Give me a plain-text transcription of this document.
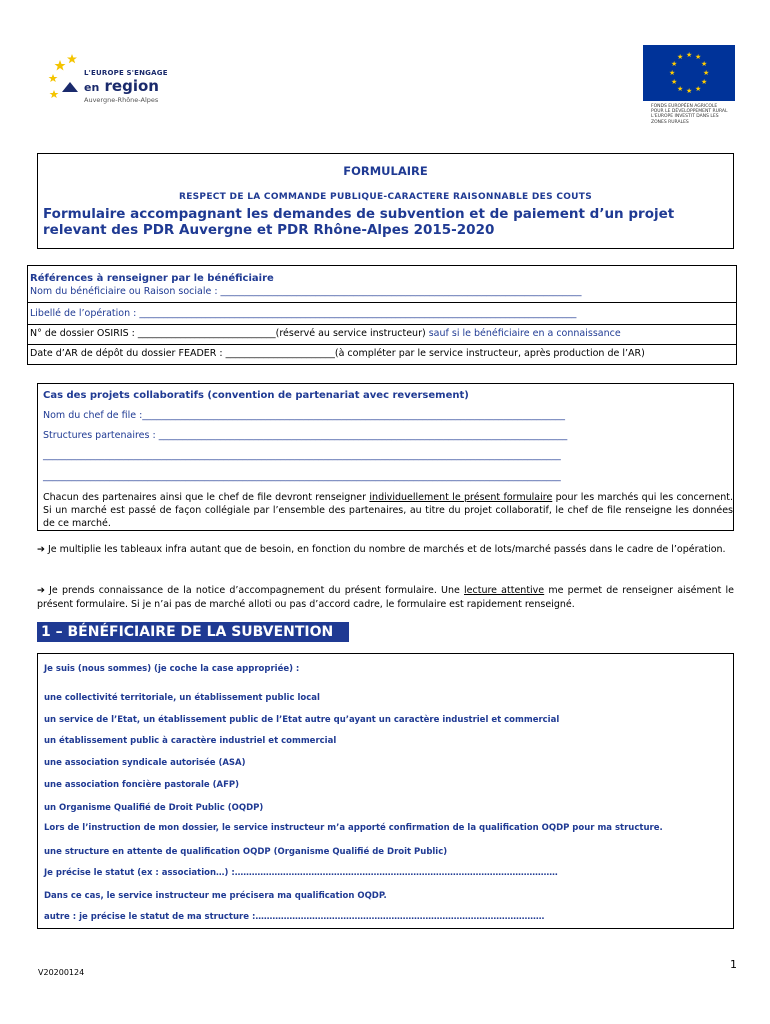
L'EUROPE S'ENGAGE
en region
Auvergne-Rhône-Alpes
★ ★
★
★
★
★
★
★
★
★
★
★
FONDS EUROPÉEN AGRICOLE
POUR LE DÉVELOPPEMENT RURAL
L'EUROPE INVESTIT DANS LES ZONES RURALES
FORMULAIRE
RESPECT DE LA COMMANDE PUBLIQUE-CARACTERE RAISONNABLE DES COUTS
Formulaire accompagnant les demandes de subvention et de paiement d’un projet relevant des PDR Auvergne et PDR Rhône-Alpes 2015-2020
Références à renseigner par le bénéficiaire
Nom du bénéficiaire ou Raison sociale : ____________________________________________________________________________
Libellé de l’opération : ____________________________________________________________________________________________
N° de dossier OSIRIS : _____________________________(réservé au service instructeur) sauf si le bénéficiaire en a connaissance
Date d’AR de dépôt du dossier FEADER : _______________________(à compléter par le service instructeur, après production de l’AR)
Cas des projets collaboratifs (convention de partenariat avec reversement)
Nom du chef de file :_________________________________________________________________________________________
Structures partenaires : ______________________________________________________________________________________
_____________________________________________________________________________________________________________
_____________________________________________________________________________________________________________
Chacun des partenaires ainsi que le chef de file devront renseigner individuellement le présent formulaire pour les marchés qui les concernent. Si un marché est passé de façon collégiale par l’ensemble des partenaires, au titre du projet collaboratif, le chef de file renseigne les données de ce marché.
➔ Je multiplie les tableaux infra autant que de besoin, en fonction du nombre de marchés et de lots/marché passés dans le cadre de l’opération.
➔ Je prends connaissance de la notice d’accompagnement du présent formulaire. Une lecture attentive me permet de renseigner aisément le présent formulaire. Si je n’ai pas de marché alloti ou pas d’accord cadre, le formulaire est rapidement renseigné.
1 – BÉNÉFICIAIRE DE LA SUBVENTION
Je suis (nous sommes) (je coche la case appropriée) :
une collectivité territoriale, un établissement public local
un service de l’Etat, un établissement public de l’Etat autre qu’ayant un caractère industriel et commercial
un établissement public à caractère industriel et commercial
une association syndicale autorisée (ASA)
une association foncière pastorale (AFP)
un Organisme Qualifié de Droit Public (OQDP)
Lors de l’instruction de mon dossier, le service instructeur m’a apporté confirmation de la qualification OQDP pour ma structure.
une structure en attente de qualification OQDP (Organisme Qualifié de Droit Public)
Je précise le statut (ex : association…) :……………………………………………………………………………………………………
Dans ce cas, le service instructeur me précisera ma qualification OQDP.
autre : je précise le statut de ma structure :…………………………………………………………………………………………
1
V20200124
